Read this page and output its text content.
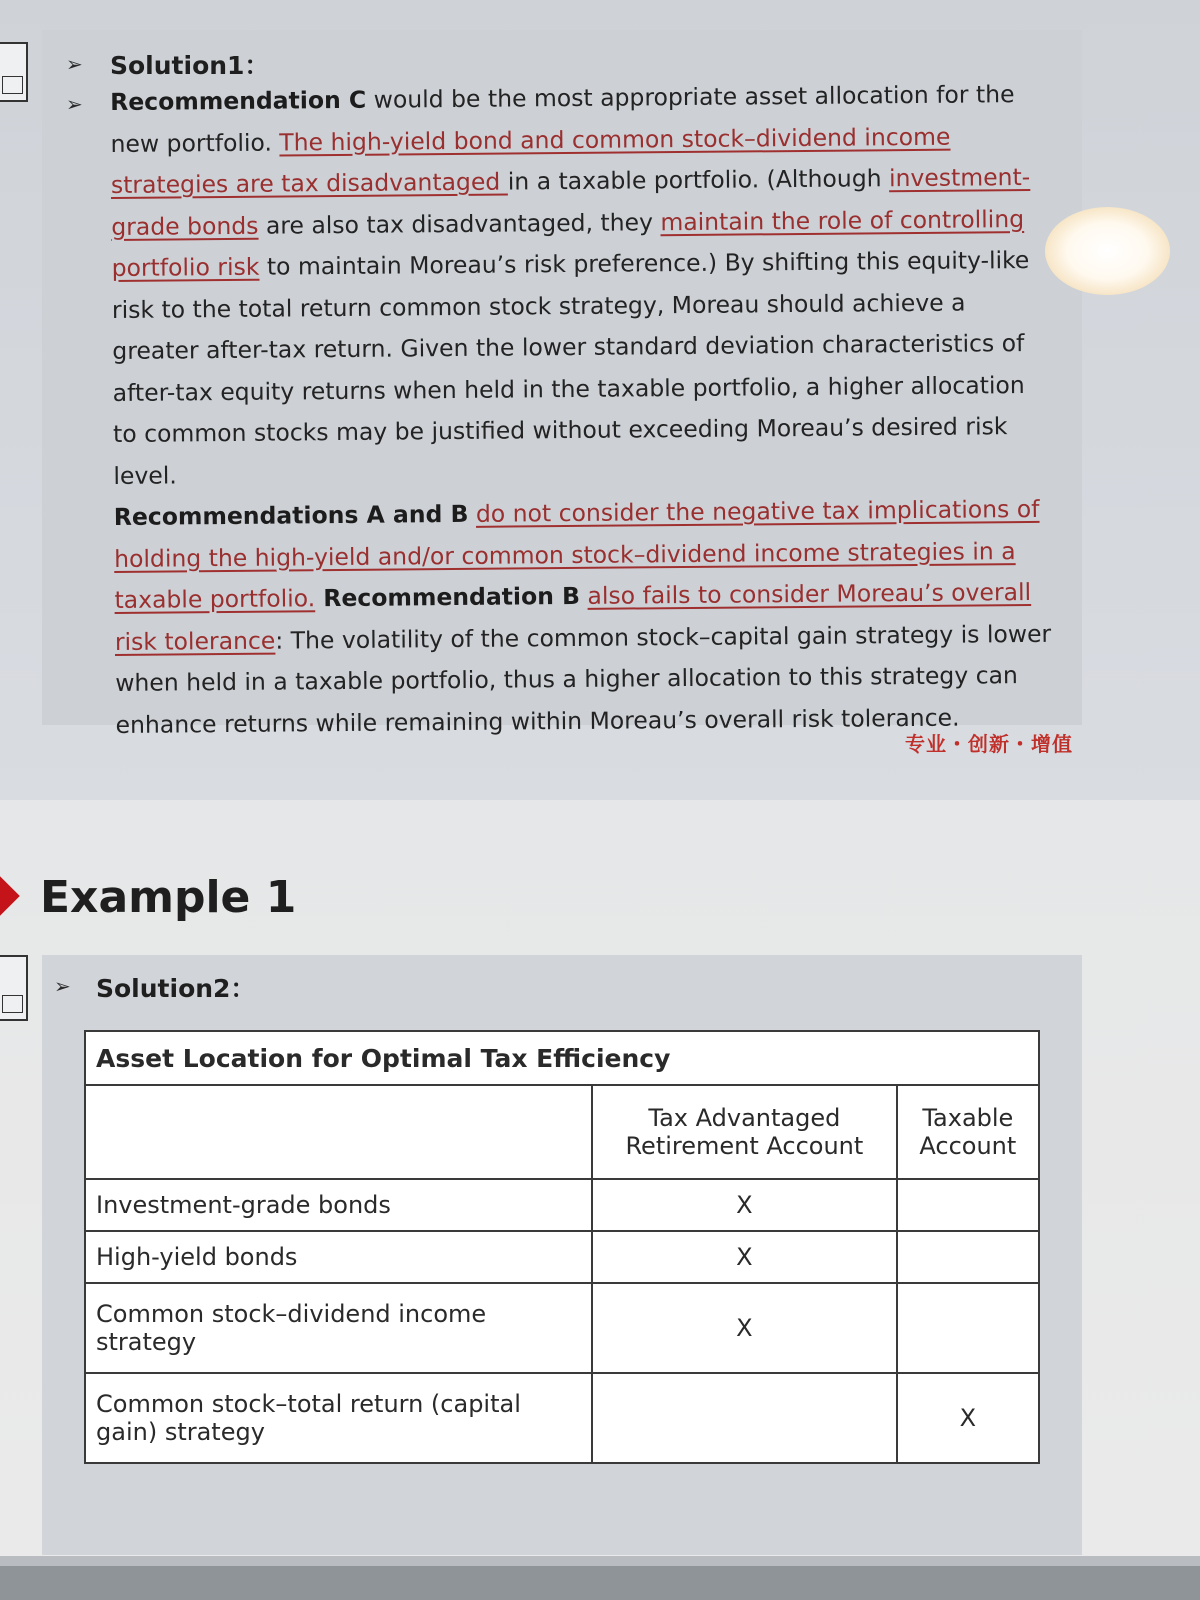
➢ Solution1：
➢ Recommendation C would be the most appropriate asset allocation for the new portfolio. The high-yield bond and common stock–dividend income strategies are tax disadvantaged in a taxable portfolio. (Although investment-grade bonds are also tax disadvantaged, they maintain the role of controlling portfolio risk to maintain Moreau’s risk preference.) By shifting this equity-like risk to the total return common stock strategy, Moreau should achieve a greater after-tax return. Given the lower standard deviation characteristics of after-tax equity returns when held in the taxable portfolio, a higher allocation to common stocks may be justified without exceeding Moreau’s desired risk level.
Recommendations A and B do not consider the negative tax implications of holding the high-yield and/or common stock–dividend income strategies in a taxable portfolio. Recommendation B also fails to consider Moreau’s overall risk tolerance: The volatility of the common stock–capital gain strategy is lower when held in a taxable portfolio, thus a higher allocation to this strategy can enhance returns while remaining within Moreau’s overall risk tolerance.
专业・创新・增值
Example 1
➢ Solution2：
Asset Location for Optimal Tax Efficiency		
	Tax Advantaged Retirement Account	Taxable Account
Investment-grade bonds	X	
High-yield bonds	X	
Common stock–dividend income strategy	X	
Common stock–total return (capital gain) strategy		X
